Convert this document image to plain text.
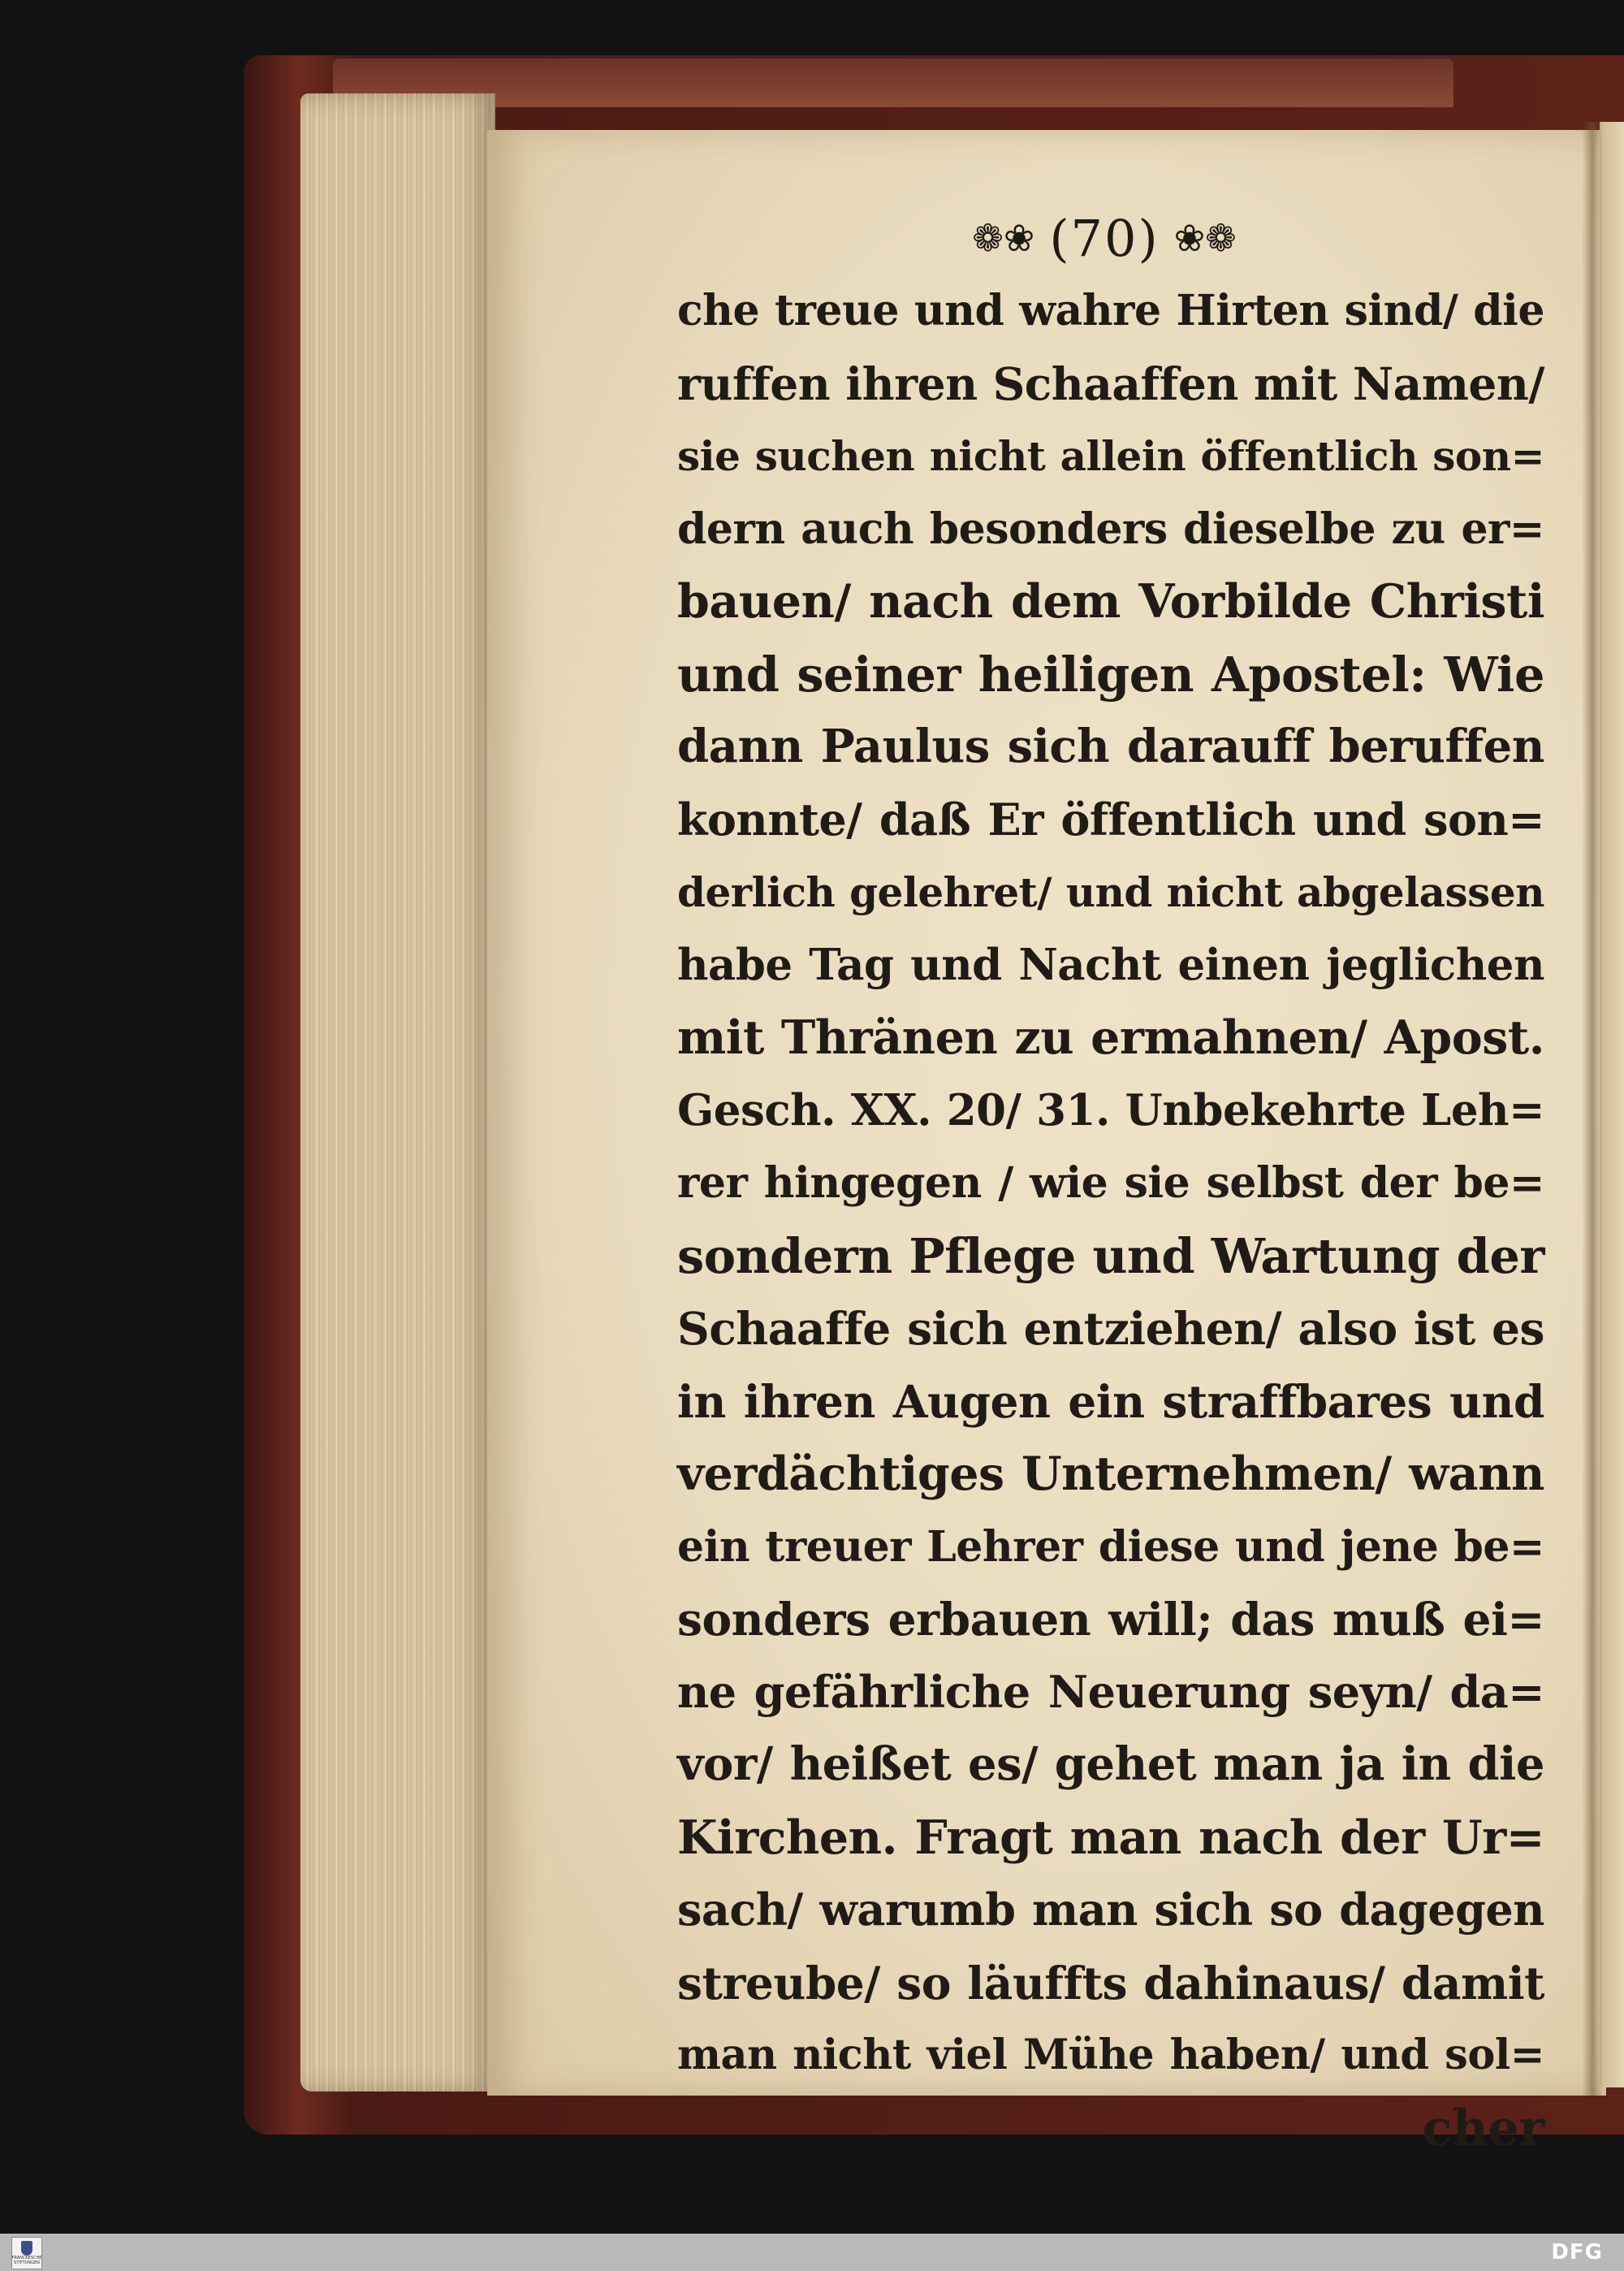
❁❀ (70) ❀❁
che treue und wahre Hirten sind/ die
ruffen ihren Schaaffen mit Namen/
sie suchen nicht allein öffentlich son=
dern auch besonders dieselbe zu er=
bauen/ nach dem Vorbilde Christi
und seiner heiligen Apostel: Wie
dann Paulus sich darauff beruffen
konnte/ daß Er öffentlich und son=
derlich gelehret/ und nicht abgelassen
habe Tag und Nacht einen jeglichen
mit Thränen zu ermahnen/ Apost.
Gesch. XX. 20/ 31. Unbekehrte Leh=
rer hingegen / wie sie selbst der be=
sondern Pflege und Wartung der
Schaaffe sich entziehen/ also ist es
in ihren Augen ein straffbares und
verdächtiges Unternehmen/ wann
ein treuer Lehrer diese und jene be=
sonders erbauen will; das muß ei=
ne gefährliche Neuerung seyn/ da=
vor/ heißet es/ gehet man ja in die
Kirchen. Fragt man nach der Ur=
sach/ warumb man sich so dagegen
streube/ so läuffts dahinaus/ damit
man nicht viel Mühe haben/ und sol=
cher
FRANCKESCHE STIFTUNGEN	DFG
